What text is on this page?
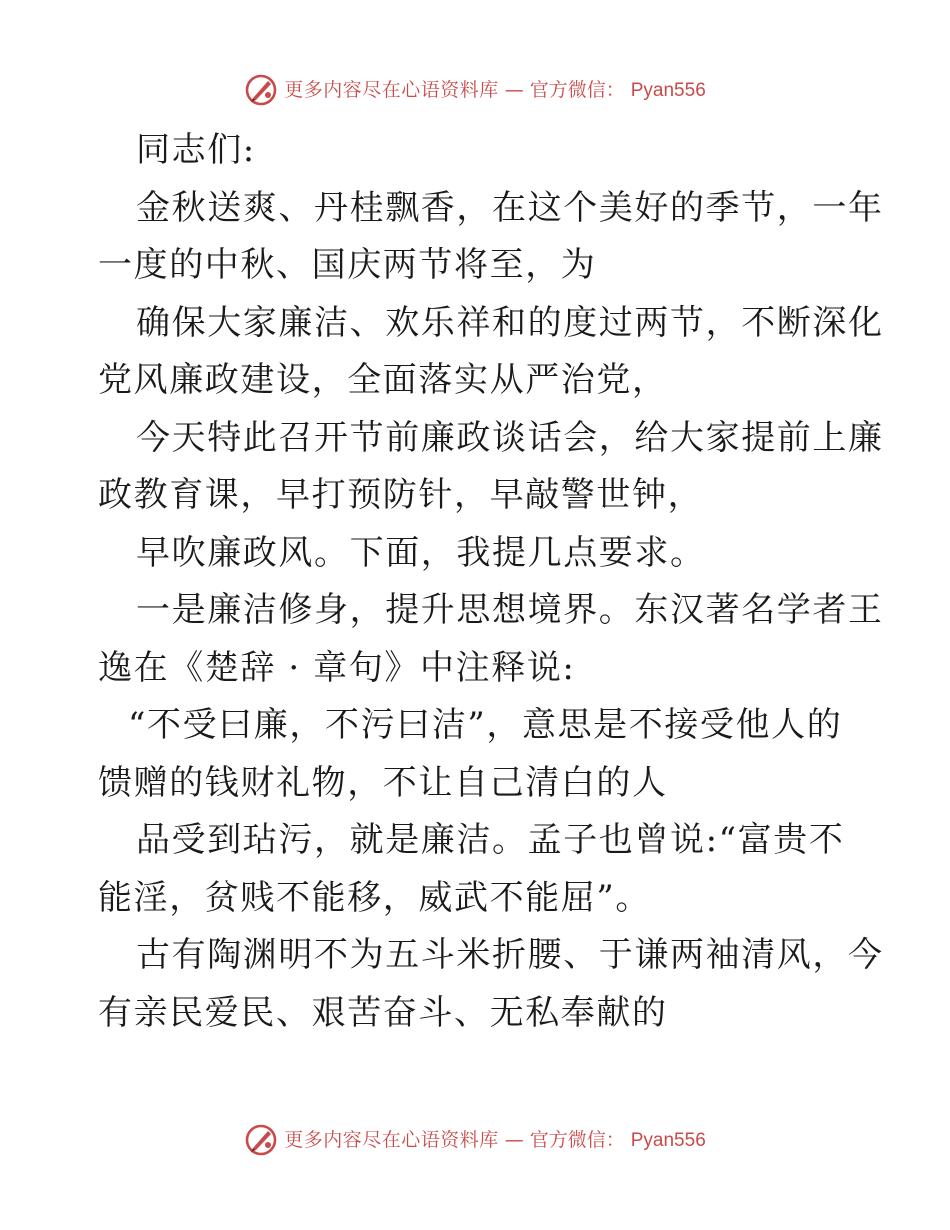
更多内容尽在心语资料库 — 官方微信： Pyan556

同志们:

金秋送爽、丹桂飘香，在这个美好的季节，一年

一度的中秋、国庆两节将至，为

确保大家廉洁、欢乐祥和的度过两节，不断深化

党风廉政建设，全面落实从严治党，

今天特此召开节前廉政谈话会，给大家提前上廉

政教育课，早打预防针，早敲警世钟，

早吹廉政风。下面，我提几点要求。

一是廉洁修身，提升思想境界。东汉著名学者王

逸在《楚辞 · 章句》中注释说:

“不受曰廉，不污曰洁”，意思是不接受他人的

馈赠的钱财礼物，不让自己清白的人

品受到玷污，就是廉洁。孟子也曾说:“富贵不

能淫，贫贱不能移，威武不能屈”。

古有陶渊明不为五斗米折腰、于谦两袖清风，今

有亲民爱民、艰苦奋斗、无私奉献的

更多内容尽在心语资料库 — 官方微信： Pyan556
